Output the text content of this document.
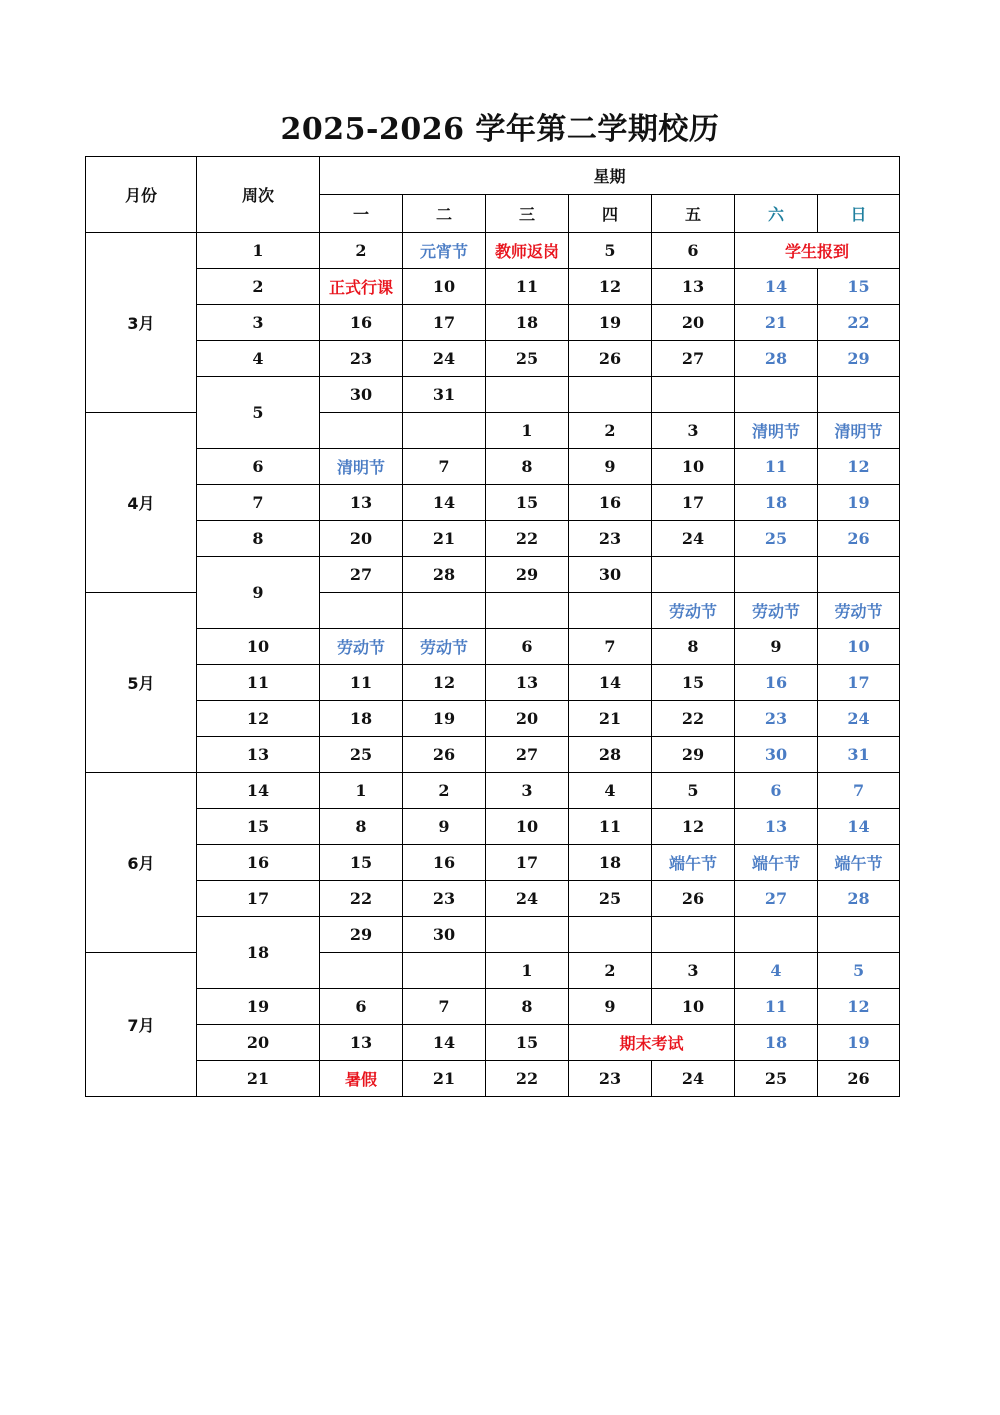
2025-2026 学年第二学期校历
月份	周次	星期						
		一	二	三	四	五	六	日
3月	1	2	元宵节	教师返岗	5	6	学生报到	
	2	正式行课	10	11	12	13	14	15
	3	16	17	18	19	20	21	22
	4	23	24	25	26	27	28	29
	5	30	31					
4月				1	2	3	清明节	清明节
	6	清明节	7	8	9	10	11	12
	7	13	14	15	16	17	18	19
	8	20	21	22	23	24	25	26
	9	27	28	29	30			
5月						劳动节	劳动节	劳动节
	10	劳动节	劳动节	6	7	8	9	10
	11	11	12	13	14	15	16	17
	12	18	19	20	21	22	23	24
	13	25	26	27	28	29	30	31
6月	14	1	2	3	4	5	6	7
	15	8	9	10	11	12	13	14
	16	15	16	17	18	端午节	端午节	端午节
	17	22	23	24	25	26	27	28
	18	29	30					
7月				1	2	3	4	5
	19	6	7	8	9	10	11	12
	20	13	14	15	期末考试		18	19
	21	暑假	21	22	23	24	25	26
